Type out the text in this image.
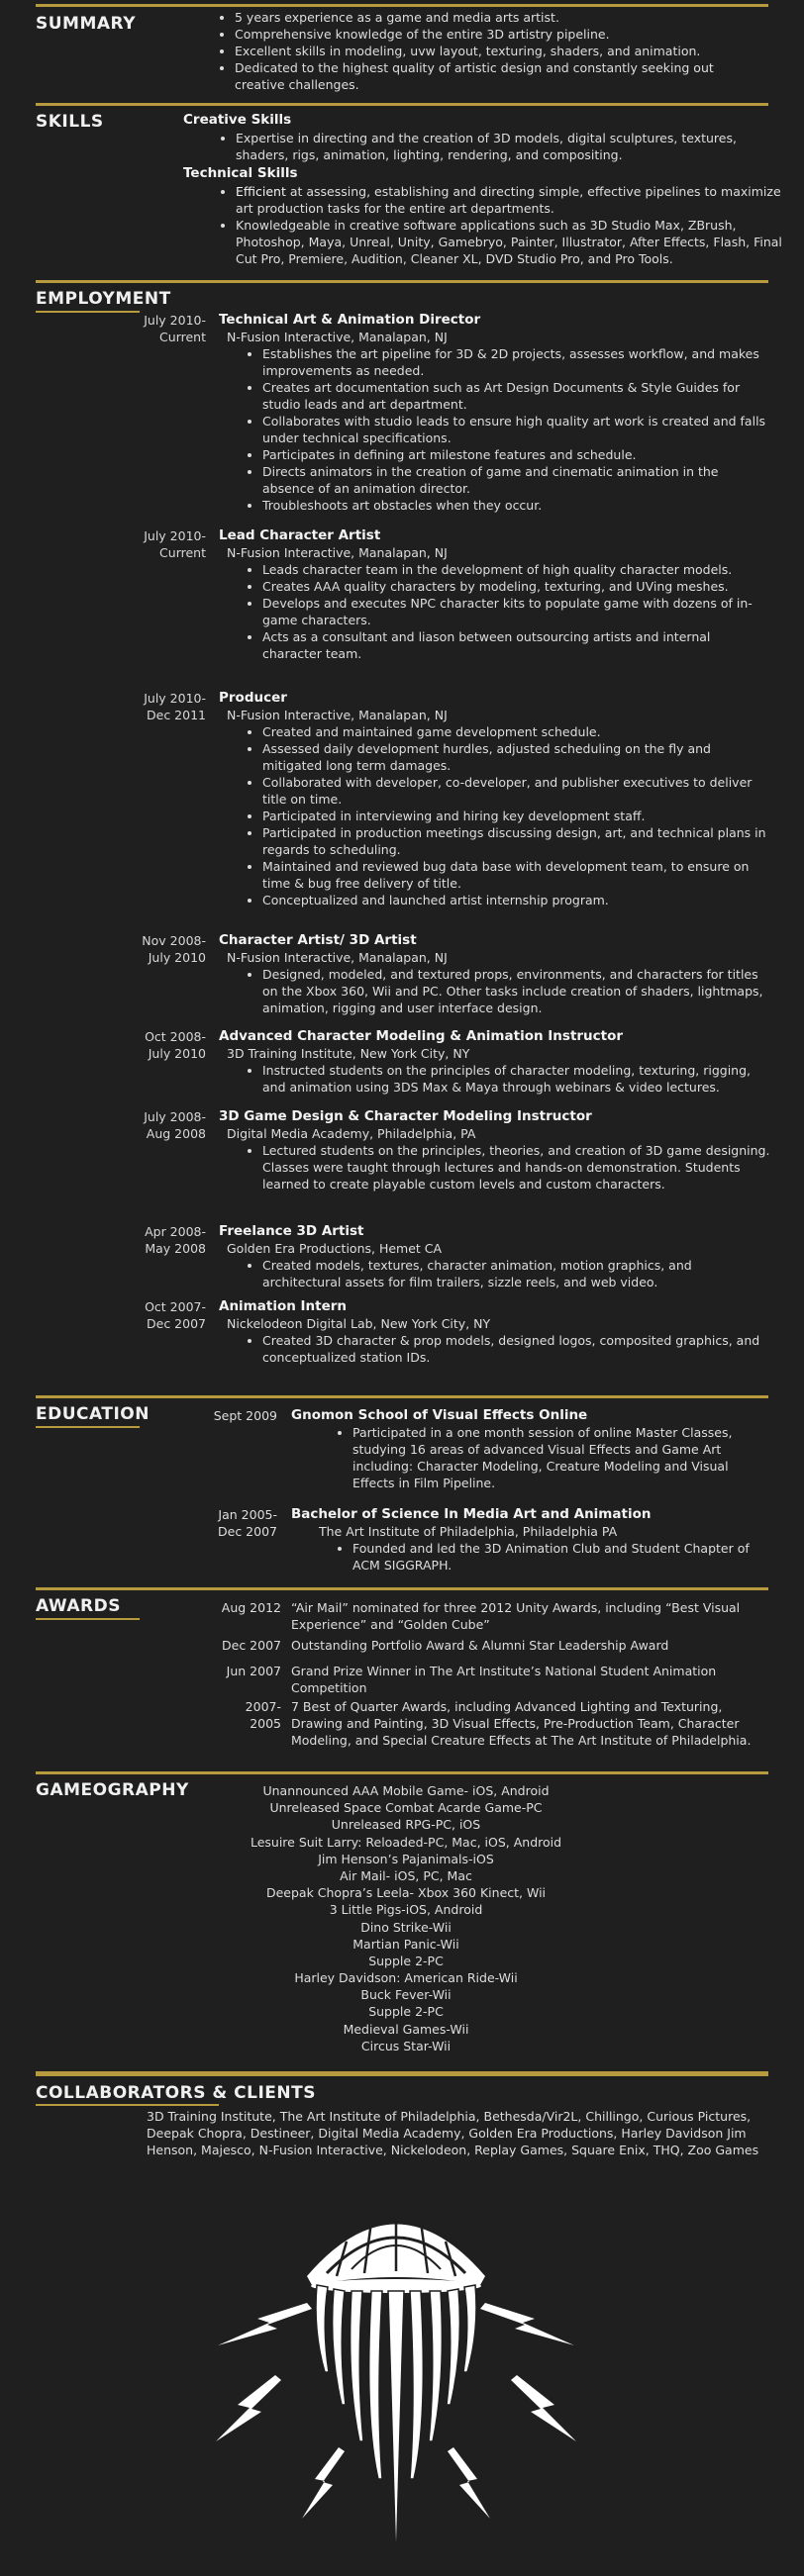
SUMMARY
•	5 years experience as a game and media arts artist.
• Comprehensive knowledge of the entire 3D artistry pipeline.
• Excellent skills in modeling, uvw layout, texturing, shaders, and animation.
• Dedicated to the highest quality of artistic design and constantly seeking out creative challenges.
SKILLS	Creative Skills
• Expertise in directing and the creation of 3D models, digital sculptures, textures, shaders, rigs, animation, lighting, rendering, and compositing.
Technical Skills
• Efficient at assessing, establishing and directing simple, effective pipelines to maximize art production tasks for the entire art departments.
• Knowledgeable in creative software applications such as 3D Studio Max, ZBrush, Photoshop, Maya, Unreal, Unity, Gamebryo, Painter, Illustrator, After Effects, Flash, Final Cut Pro, Premiere, Audition, Cleaner XL, DVD Studio Pro, and Pro Tools.
EMPLOYMENT
July 2010-
Current
Technical Art & Animation Director
N-Fusion Interactive, Manalapan, NJ
• Establishes the art pipeline for 3D & 2D projects, assesses workflow, and makes improvements as needed.
• Creates art documentation such as Art Design Documents & Style Guides for studio leads and art department.
• Collaborates with studio leads to ensure high quality art work is created and falls under technical specifications.
• Participates in defining art milestone features and schedule.
• Directs animators in the creation of game and cinematic animation in the absence of an animation director.
• Troubleshoots art obstacles when they occur.
July 2010-
Current
Lead Character Artist
N-Fusion Interactive, Manalapan, NJ
• Leads character team in the development of high quality character models.
• Creates AAA quality characters by modeling, texturing, and UVing meshes.
• Develops and executes NPC character kits to populate game with dozens of in-game characters.
• Acts as a consultant and liason between outsourcing artists and internal character team.
July 2010-
Dec 2011
Producer
N-Fusion Interactive, Manalapan, NJ
• Created and maintained game development schedule.
• Assessed daily development hurdles, adjusted scheduling on the fly and mitigated long term damages.
• Collaborated with developer, co-developer, and publisher executives to deliver title on time.
• Participated in interviewing and hiring key development staff.
• Participated in production meetings discussing design, art, and technical plans in regards to scheduling.
• Maintained and reviewed bug data base with development team, to ensure on time & bug free delivery of title.
• Conceptualized and launched artist internship program.
Nov 2008-
July 2010
Character Artist/ 3D Artist
N-Fusion Interactive, Manalapan, NJ
• Designed, modeled, and textured props, environments, and characters for titles on the Xbox 360, Wii and PC. Other tasks include creation of shaders, lightmaps, animation, rigging and user interface design.
Oct 2008-
July 2010
Advanced Character Modeling & Animation Instructor
3D Training Institute, New York City, NY
• Instructed students on the principles of character modeling, texturing, rigging, and animation using 3DS Max & Maya through webinars & video lectures.
July 2008-
Aug 2008
3D Game Design & Character Modeling Instructor
Digital Media Academy, Philadelphia, PA
• Lectured students on the principles, theories, and creation of 3D game designing. Classes were taught through lectures and hands-on demonstration. Students learned to create playable custom levels and custom characters.
Apr 2008-
May 2008
Freelance 3D Artist
Golden Era Productions, Hemet CA
• Created models, textures, character animation, motion graphics, and architectural assets for film trailers, sizzle reels, and web video.
Oct 2007-
Dec 2007
Animation Intern
Nickelodeon Digital Lab, New York City, NY
• Created 3D character & prop models, designed logos, composited graphics, and conceptualized station IDs.
EDUCATION	Sept 2009 Gnomon School of Visual Effects Online
• Participated in a one month session of online Master Classes, studying 16 areas of advanced Visual Effects and Game Art including: Character Modeling, Creature Modeling and Visual Effects in Film Pipeline.
Jan 2005-
Dec 2007
Bachelor of Science In Media Art and Animation
The Art Institute of Philadelphia, Philadelphia PA
• Founded and led the 3D Animation Club and Student Chapter of ACM SIGGRAPH.
AWARDS	Aug 2012 “Air Mail” nominated for three 2012 Unity Awards, including “Best Visual Experience” and “Golden Cube”
Dec 2007 Outstanding Portfolio Award & Alumni Star Leadership Award
Jun 2007 Grand Prize Winner in The Art Institute’s National Student Animation Competition
2007-
2005
7 Best of Quarter Awards, including Advanced Lighting and Texturing, Drawing and Painting, 3D Visual Effects, Pre-Production Team, Character Modeling, and Special Creature Effects at The Art Institute of Philadelphia.
GAMEOGRAPHY	Unannounced AAA Mobile Game- iOS, Android
Unreleased Space Combat Acarde Game-PC
Unreleased RPG-PC, iOS
Lesuire Suit Larry: Reloaded-PC, Mac, iOS, Android
Jim Henson’s Pajanimals-iOS
Air Mail- iOS, PC, Mac
Deepak Chopra’s Leela- Xbox 360 Kinect, Wii
3 Little Pigs-iOS, Android
Dino Strike-Wii
Martian Panic-Wii
Supple 2-PC
Harley Davidson: American Ride-Wii
Buck Fever-Wii
Supple 2-PC
Medieval Games-Wii
Circus Star-Wii
COLLABORATORS & CLIENTS
3D Training Institute, The Art Institute of Philadelphia, Bethesda/Vir2L, Chillingo, Curious Pictures, Deepak Chopra, Destineer, Digital Media Academy, Golden Era Productions, Harley Davidson Jim Henson, Majesco, N-Fusion Interactive, Nickelodeon, Replay Games, Square Enix, THQ, Zoo Games
